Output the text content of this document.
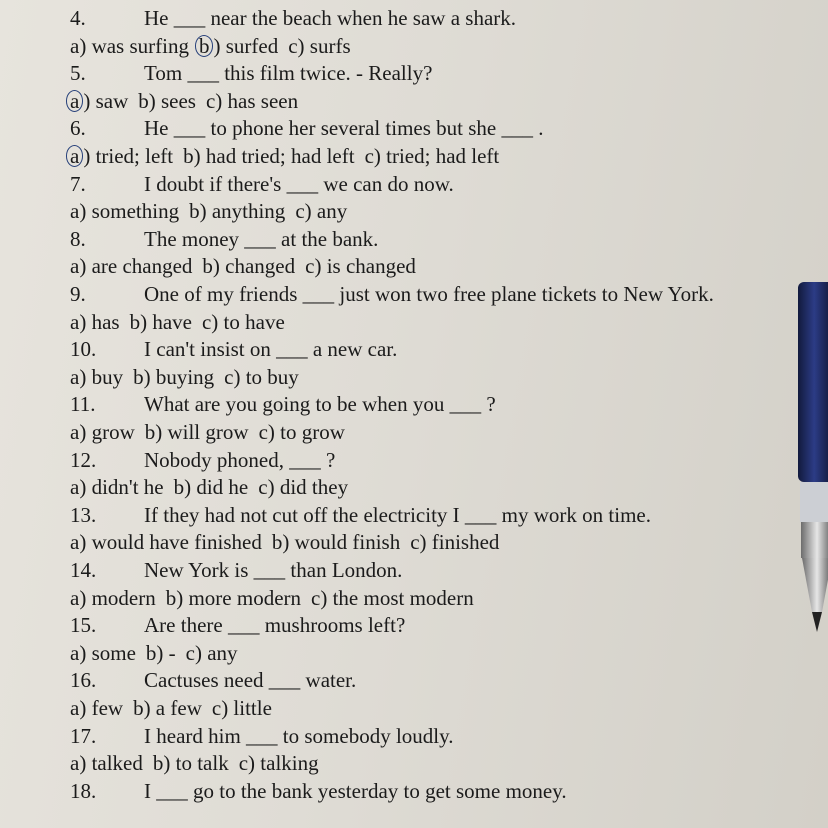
4.	He ___ near the beach when he saw a shark.
a) was surfing b ) surfed c) surfs
5.	Tom ___ this film twice. - Really?
a ) saw b) sees c) has seen
6.	He ___ to phone her several times but she ___ .
a ) tried; left b) had tried; had left c) tried; had left
7.	I doubt if there's ___ we can do now.
a) something b) anything c) any
8.	The money ___ at the bank.
a) are changed b) changed c) is changed
9.	One of my friends ___ just won two free plane tickets to New York.
a) has b) have c) to have
10. I can't insist on ___ a new car.
a) buy b) buying c) to buy
11. What are you going to be when you ___ ?
a) grow b) will grow c) to grow
12. Nobody phoned, ___ ?
a) didn't he b) did he c) did they
13. If they had not cut off the electricity I ___ my work on time.
a) would have finished b) would finish c) finished
14. New York is ___ than London.
a) modern b) more modern c) the most modern
15. Are there ___ mushrooms left?
a) some b) - c) any
16. Cactuses need ___ water.
a) few b) a few c) little
17. I heard him ___ to somebody loudly.
a) talked b) to talk c) talking
18. I ___ go to the bank yesterday to get some money.
